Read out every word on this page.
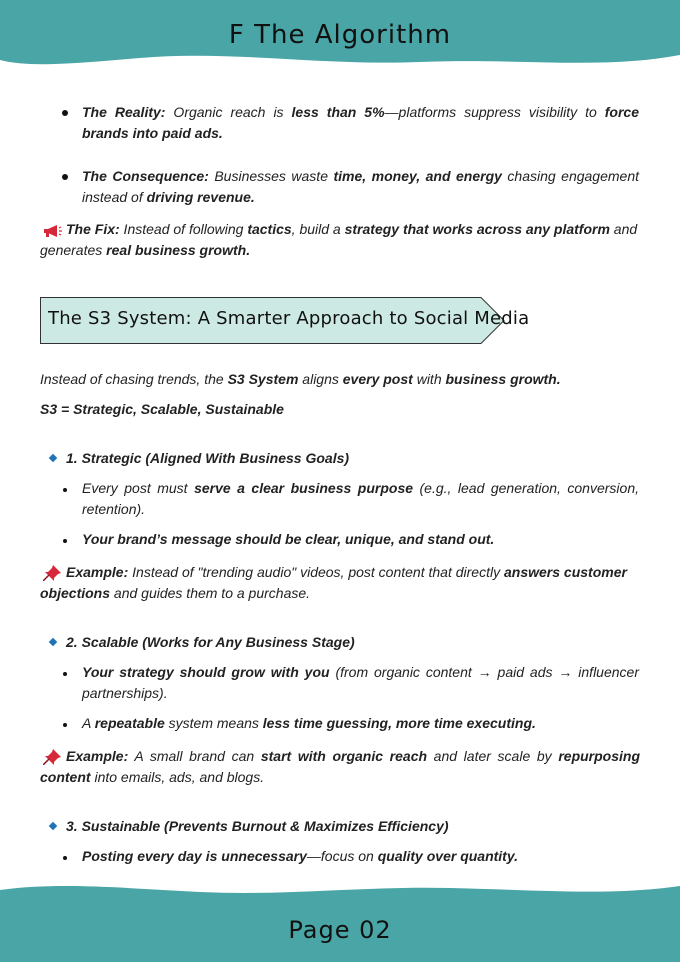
F The Algorithm
Page 02
The Reality: Organic reach is less than 5%—platforms suppress visibility to force brands into paid ads.
The Consequence: Businesses waste time, money, and energy chasing engagement instead of driving revenue.
The Fix: Instead of following tactics, build a strategy that works across any platform and generates real business growth.
The S3 System: A Smarter Approach to Social Media
Instead of chasing trends, the S3 System aligns every post with business growth.
S3 = Strategic, Scalable, Sustainable
1. Strategic (Aligned With Business Goals)
Every post must serve a clear business purpose (e.g., lead generation, conversion, retention).
Your brand’s message should be clear, unique, and stand out.
Example: Instead of "trending audio" videos, post content that directly answers customer objections and guides them to a purchase.
2. Scalable (Works for Any Business Stage)
Your strategy should grow with you (from organic content → paid ads → influencer partnerships).
A repeatable system means less time guessing, more time executing.
Example: A small brand can start with organic reach and later scale by repurposing content into emails, ads, and blogs.
3. Sustainable (Prevents Burnout & Maximizes Efficiency)
Posting every day is unnecessary—focus on quality over quantity.
